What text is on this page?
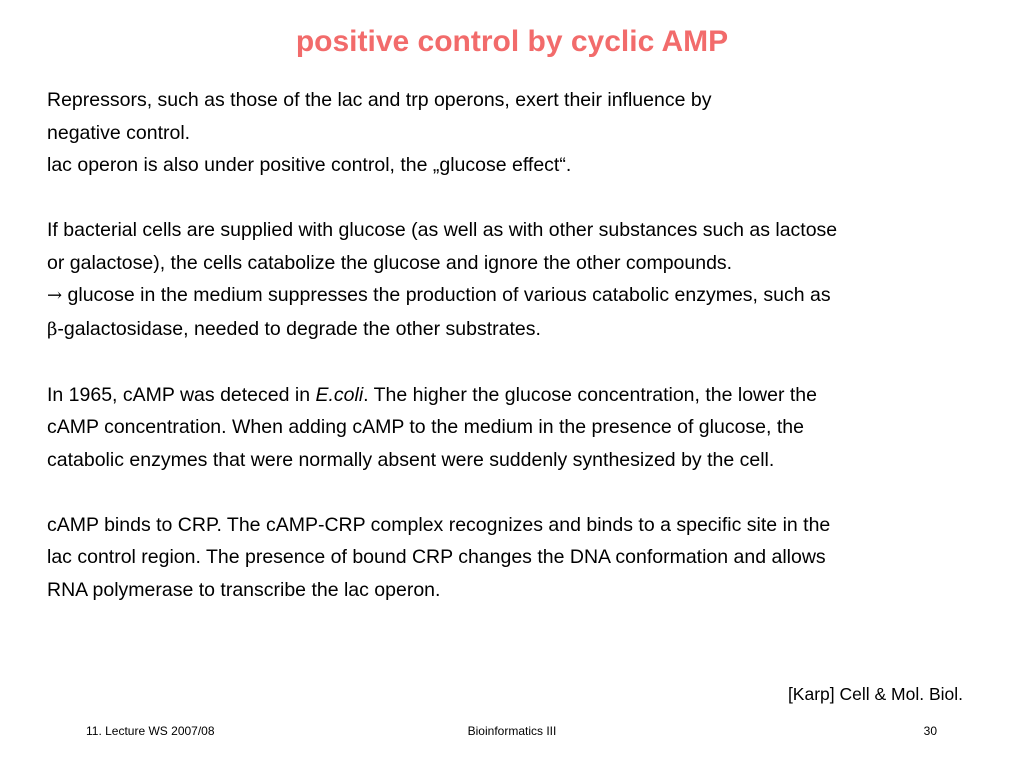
positive control by cyclic AMP
Repressors, such as those of the lac and trp operons, exert their influence by
negative control.
lac operon is also under positive control, the „glucose effect“.
If bacterial cells are supplied with glucose (as well as with other substances such as lactose
or galactose), the cells catabolize the glucose and ignore the other compounds.
→ glucose in the medium suppresses the production of various catabolic enzymes, such as
β-galactosidase, needed to degrade the other substrates.
In 1965, cAMP was deteced in E.coli. The higher the glucose concentration, the lower the
cAMP concentration. When adding cAMP to the medium in the presence of glucose, the
catabolic enzymes that were normally absent were suddenly synthesized by the cell.
cAMP binds to CRP. The cAMP-CRP complex recognizes and binds to a specific site in the
lac control region. The presence of bound CRP changes the DNA conformation and allows
RNA polymerase to transcribe the lac operon.
[Karp] Cell & Mol. Biol.
11. Lecture WS 2007/08	Bioinformatics III	30
